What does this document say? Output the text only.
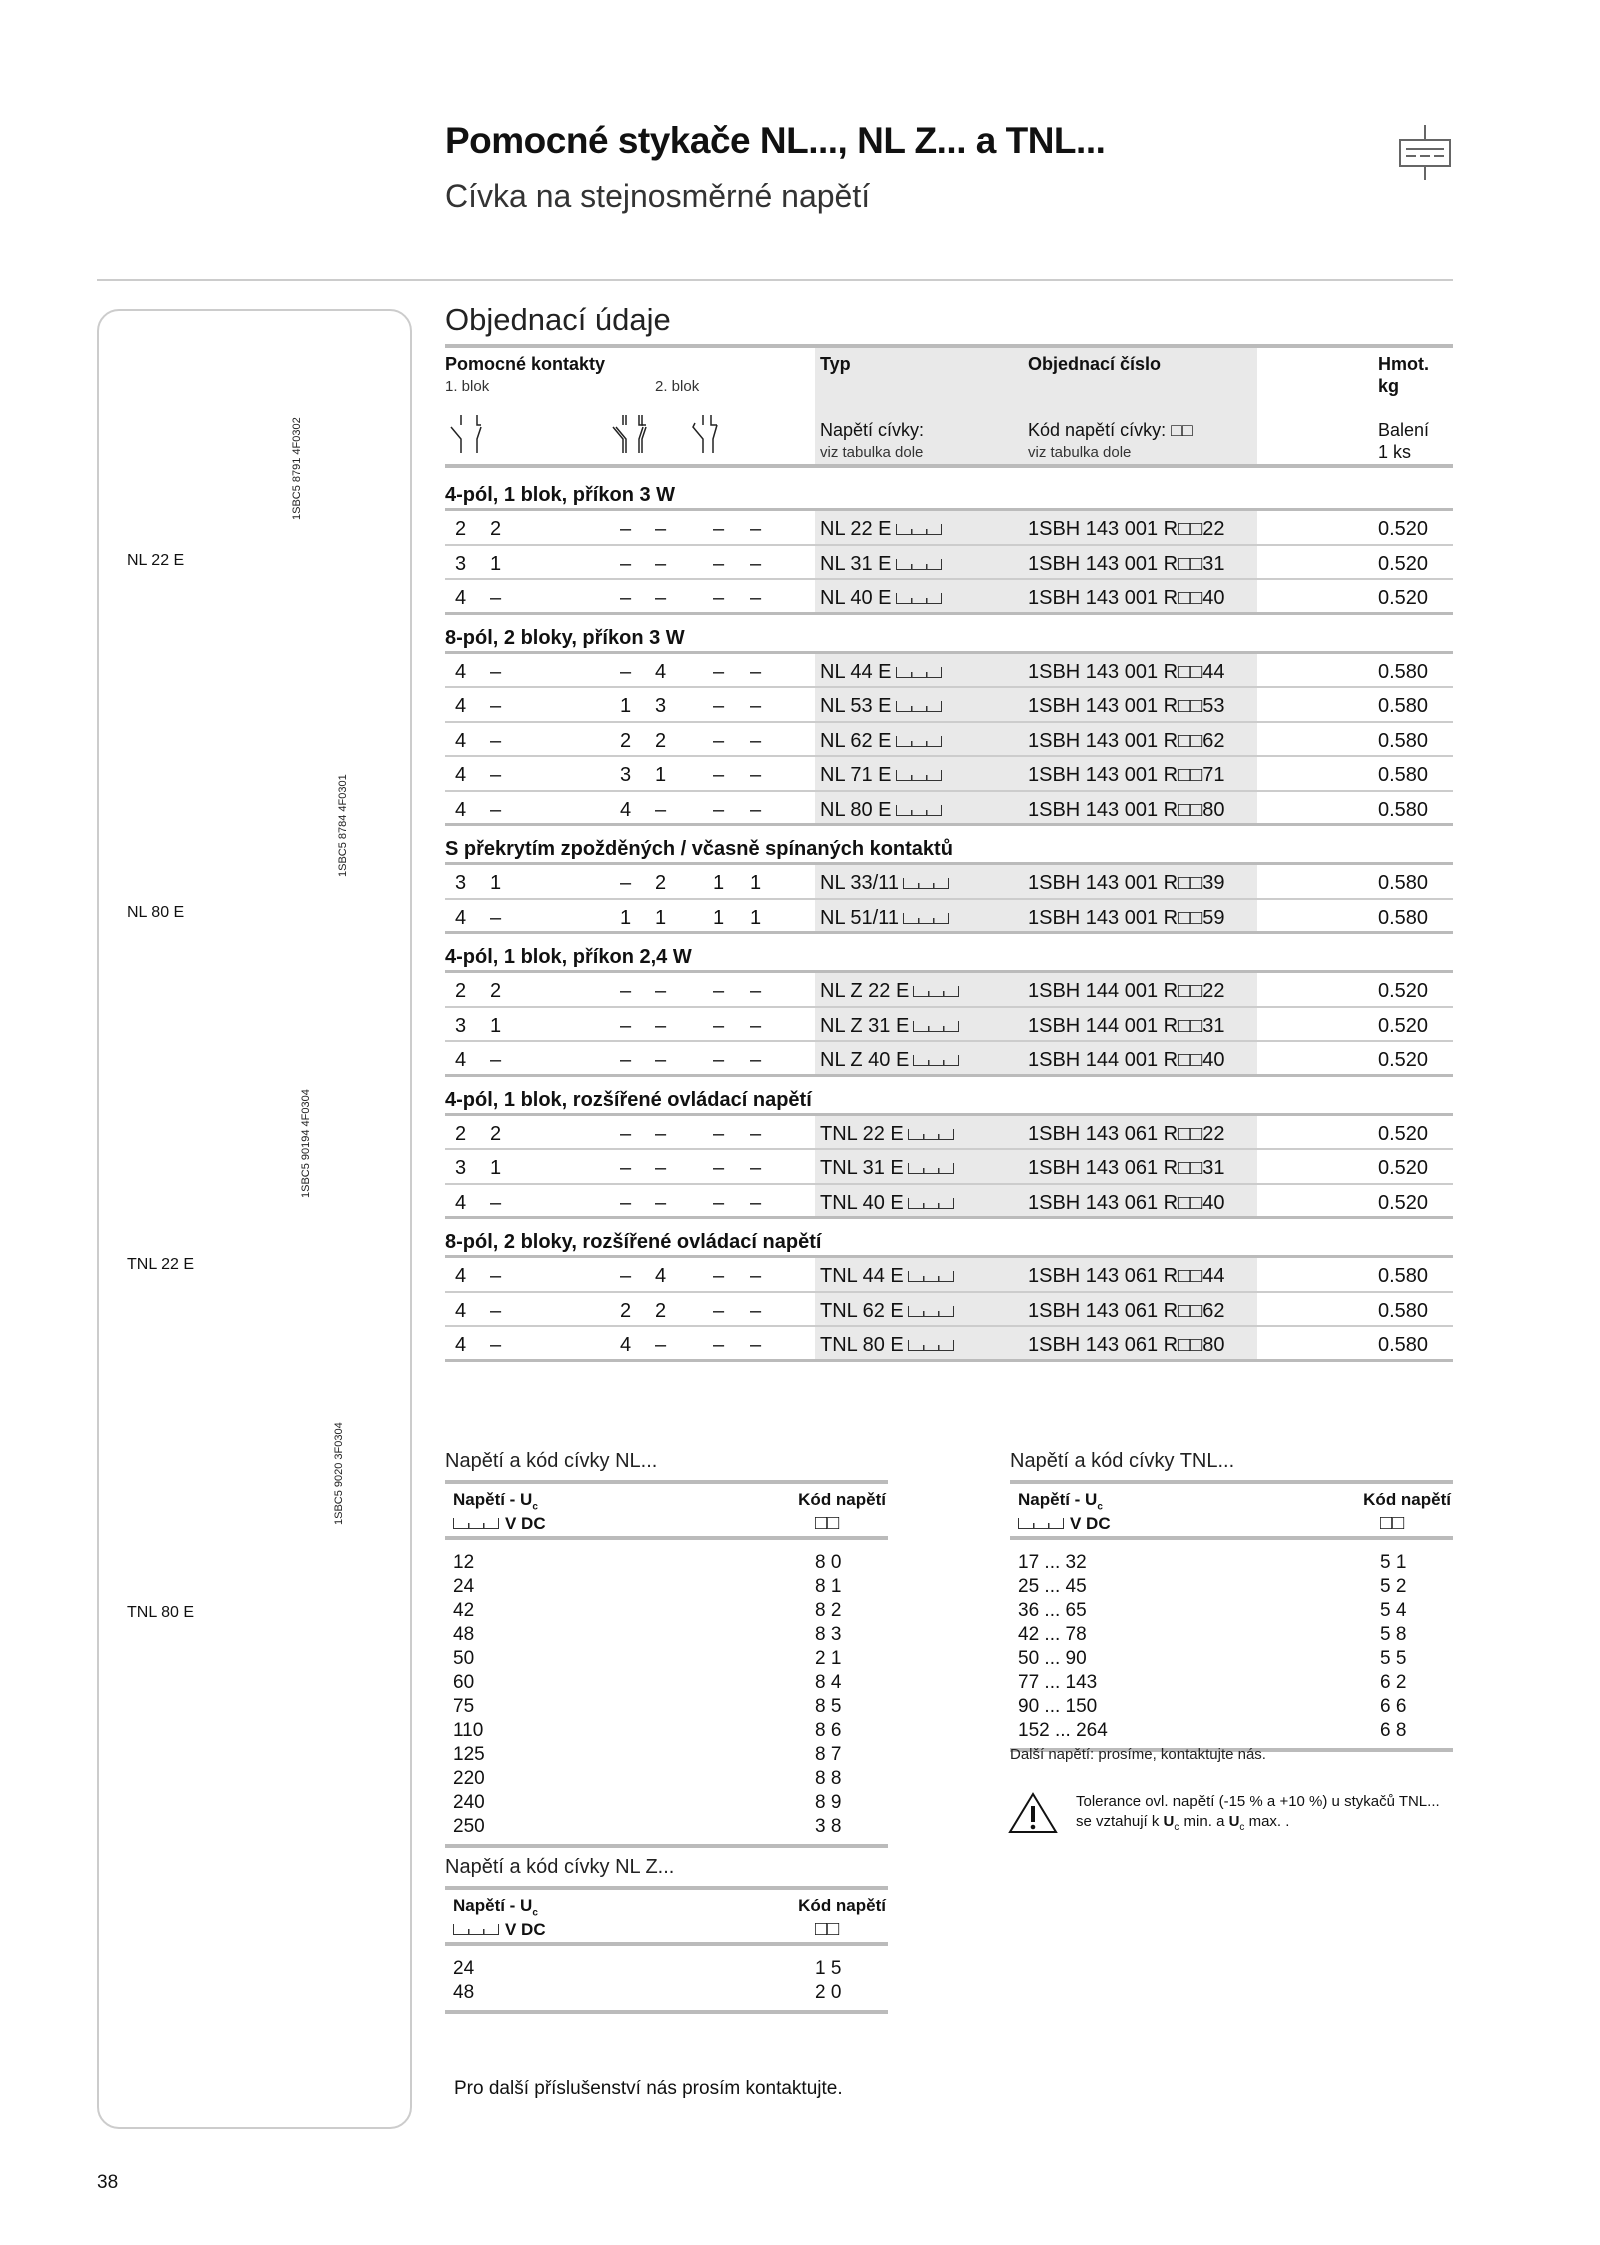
Pomocné stykače NL..., NL Z... a TNL...
Cívka na stejnosměrné napětí
1SBC5 8791 4F0302
NL 22 E
1SBC5 8784 4F0301
NL 80 E
1SBC5 90194 4F0304
TNL 22 E
1SBC5 9020 3F0304
TNL 80 E
Objednací údaje
Pomocné kontakty
1. blok	2. blok
Typ
Napětí cívky:
viz tabulka dole
Objednací číslo
Kód napětí cívky: □□
viz tabulka dole
Hmot.
kg
Balení
1 ks
4-pól, 1 blok, příkon 3 W
2 2	– – – –	NL 22 E	1SBH 143 001 R□□22	0.520
3 1	– – – –	NL 31 E	1SBH 143 001 R□□31	0.520
4 –	– – – –	NL 40 E	1SBH 143 001 R□□40	0.520
8-pól, 2 bloky, příkon 3 W
4 –	– 4 – –	NL 44 E	1SBH 143 001 R□□44	0.580
4 –	1 3 – –	NL 53 E	1SBH 143 001 R□□53	0.580
4 –	2 2 – –	NL 62 E	1SBH 143 001 R□□62	0.580
4 –	3 1 – –	NL 71 E	1SBH 143 001 R□□71	0.580
4 –	4 – – –	NL 80 E	1SBH 143 001 R□□80	0.580
S překrytím zpožděných / včasně spínaných kontaktů
3 1	– 2 1 1	NL 33/11	1SBH 143 001 R□□39	0.580
4 –	1 1 1 1	NL 51/11	1SBH 143 001 R□□59	0.580
4-pól, 1 blok, příkon 2,4 W
2 2	– – – –	NL Z 22 E	1SBH 144 001 R□□22	0.520
3 1	– – – –	NL Z 31 E	1SBH 144 001 R□□31	0.520
4 –	– – – –	NL Z 40 E	1SBH 144 001 R□□40	0.520
4-pól, 1 blok, rozšířené ovládací napětí
2 2	– – – –	TNL 22 E	1SBH 143 061 R□□22	0.520
3 1	– – – –	TNL 31 E	1SBH 143 061 R□□31	0.520
4 –	– – – –	TNL 40 E	1SBH 143 061 R□□40	0.520
8-pól, 2 bloky, rozšířené ovládací napětí
4 –	– 4 – –	TNL 44 E	1SBH 143 061 R□□44	0.580
4 –	2 2 – –	TNL 62 E	1SBH 143 061 R□□62	0.580
4 –	4 – – –	TNL 80 E	1SBH 143 061 R□□80	0.580
Napětí a kód cívky NL...
Napětí - $U_c$
V DC
Kód napětí
□□
12	8 0
24	8 1
42	8 2
48	8 3
50	2 1
60	8 4
75	8 5
110	8 6
125	8 7
220	8 8
240	8 9
250	3 8
Napětí a kód cívky NL Z...
Napětí - $U_c$
V DC
Kód napětí
□□
24	1 5
48	2 0
Napětí a kód cívky TNL...
Napětí - $U_c$
V DC
Kód napětí
□□
17 ... 32	5 1
25 ... 45	5 2
36 ... 65	5 4
42 ... 78	5 8
50 ... 90	5 5
77 ... 143	6 2
90 ... 150	6 6
152 ... 264	6 8
Další napětí: prosíme, kontaktujte nás.
Tolerance ovl. napětí (-15 % a +10 %) u stykačů TNL...
se vztahují k $U_c$ min. a $U_c$ max. .
Pro další příslušenství nás prosím kontaktujte.
38
